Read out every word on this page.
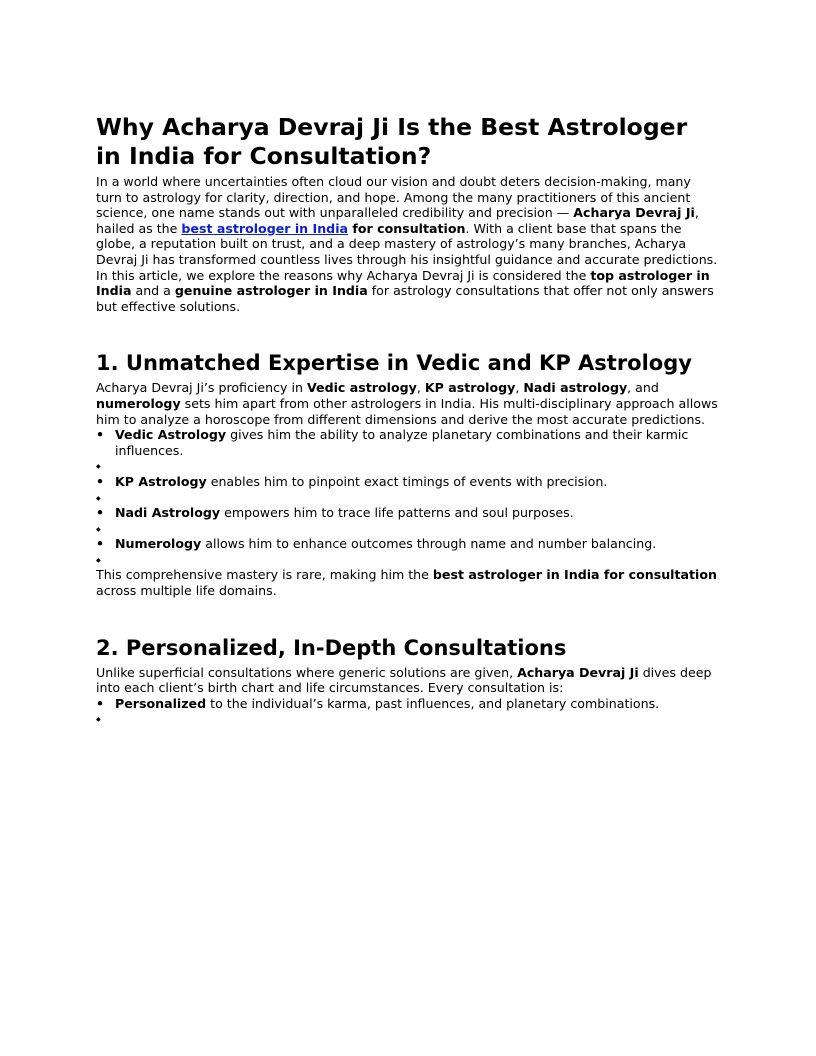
Why Acharya Devraj Ji Is the Best Astrologer in India for Consultation?

In a world where uncertainties often cloud our vision and doubt deters decision-making, many turn to astrology for clarity, direction, and hope. Among the many practitioners of this ancient science, one name stands out with unparalleled credibility and precision — Acharya Devraj Ji, hailed as the best astrologer in India for consultation. With a client base that spans the globe, a reputation built on trust, and a deep mastery of astrology’s many branches, Acharya Devraj Ji has transformed countless lives through his insightful guidance and accurate predictions.

In this article, we explore the reasons why Acharya Devraj Ji is considered the top astrologer in India and a genuine astrologer in India for astrology consultations that offer not only answers but effective solutions.

1. Unmatched Expertise in Vedic and KP Astrology

Acharya Devraj Ji’s proficiency in Vedic astrology, KP astrology, Nadi astrology, and numerology sets him apart from other astrologers in India. His multi-disciplinary approach allows him to analyze a horoscope from different dimensions and derive the most accurate predictions.

• Vedic Astrology gives him the ability to analyze planetary combinations and their karmic influences.
◆
• KP Astrology enables him to pinpoint exact timings of events with precision.
◆
• Nadi Astrology empowers him to trace life patterns and soul purposes.
◆
• Numerology allows him to enhance outcomes through name and number balancing.
◆

This comprehensive mastery is rare, making him the best astrologer in India for consultation across multiple life domains.

2. Personalized, In-Depth Consultations

Unlike superficial consultations where generic solutions are given, Acharya Devraj Ji dives deep into each client’s birth chart and life circumstances. Every consultation is:

• Personalized to the individual’s karma, past influences, and planetary combinations.
◆
